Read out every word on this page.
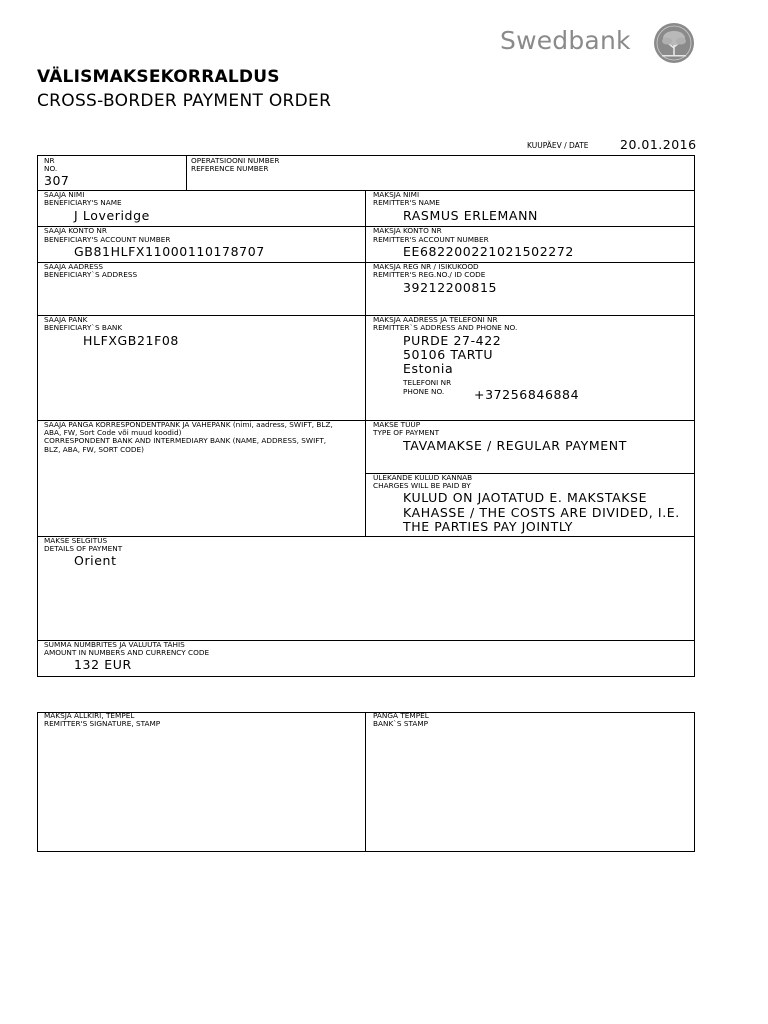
Swedbank
VÄLISMAKSEKORRALDUS
CROSS-BORDER PAYMENT ORDER
KUUPÄEV / DATE	20.01.2016
NR
NO.
307
OPERATSIOONI NUMBER
REFERENCE NUMBER
SAAJA NIMI
BENEFICIARY'S NAME
J Loveridge
MAKSJA NIMI
REMITTER'S NAME
RASMUS ERLEMANN
SAAJA KONTO NR
BENEFICIARY'S ACCOUNT NUMBER
GB81HLFX11000110178707
MAKSJA KONTO NR
REMITTER'S ACCOUNT NUMBER
EE682200221021502272
SAAJA AADRESS
BENEFICIARY`S ADDRESS
MAKSJA REG NR / ISIKUKOOD
REMITTER'S REG.NO./ ID CODE
39212200815
SAAJA PANK
BENEFICIARY`S BANK
HLFXGB21F08
MAKSJA AADRESS JA TELEFONI NR
REMITTER`S ADDRESS AND PHONE NO.
PURDE 27-422
50106 TARTU
Estonia
TELEFONI NR
PHONE NO. +37256846884
SAAJA PANGA KORRESPONDENTPANK JA VAHEPANK (nimi, aadress, SWIFT, BLZ,
ABA, FW, Sort Code või muud koodid)
CORRESPONDENT BANK AND INTERMEDIARY BANK (NAME, ADDRESS, SWIFT,
BLZ, ABA, FW, SORT CODE)
MAKSE TÜÜP
TYPE OF PAYMENT
TAVAMAKSE / REGULAR PAYMENT
ÜLEKANDE KULUD KANNAB
CHARGES WILL BE PAID BY
KULUD ON JAOTATUD E. MAKSTAKSE
KAHASSE / THE COSTS ARE DIVIDED, I.E.
THE PARTIES PAY JOINTLY
MAKSE SELGITUS
DETAILS OF PAYMENT
Orient
SUMMA NUMBRITES JA VALUUTA TÄHIS
AMOUNT IN NUMBERS AND CURRENCY CODE
132 EUR
MAKSJA ALLKIRI, TEMPEL
REMITTER'S SIGNATURE, STAMP
PANGA TEMPEL
BANK`S STAMP
